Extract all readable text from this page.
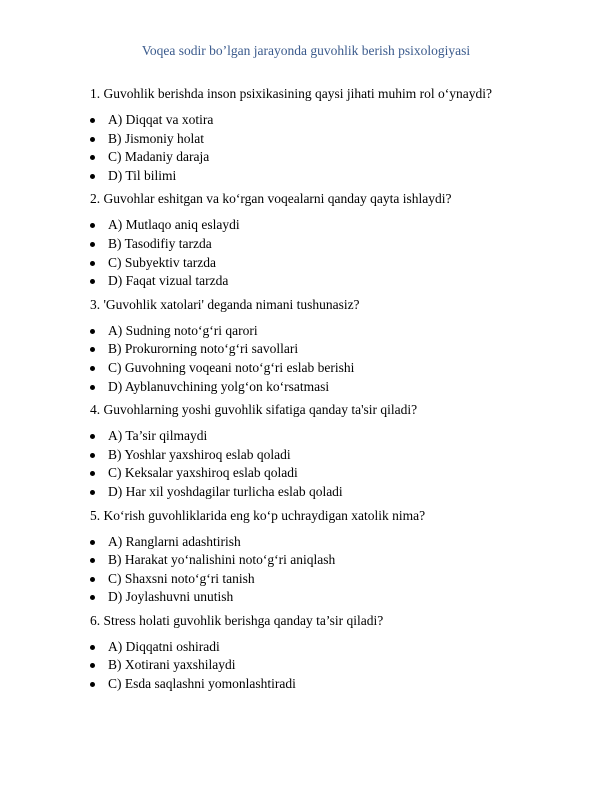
Voqea sodir bo’lgan jarayonda guvohlik berish psixologiyasi
1. Guvohlik berishda inson psixikasining qaysi jihati muhim rol o‘ynaydi?
A) Diqqat va xotira
B) Jismoniy holat
C) Madaniy daraja
D) Til bilimi
2. Guvohlar eshitgan va ko‘rgan voqealarni qanday qayta ishlaydi?
A) Mutlaqo aniq eslaydi
B) Tasodifiy tarzda
C) Subyektiv tarzda
D) Faqat vizual tarzda
3. 'Guvohlik xatolari' deganda nimani tushunasiz?
A) Sudning noto‘g‘ri qarori
B) Prokurorning noto‘g‘ri savollari
C) Guvohning voqeani noto‘g‘ri eslab berishi
D) Ayblanuvchining yolg‘on ko‘rsatmasi
4. Guvohlarning yoshi guvohlik sifatiga qanday ta'sir qiladi?
A) Ta’sir qilmaydi
B) Yoshlar yaxshiroq eslab qoladi
C) Keksalar yaxshiroq eslab qoladi
D) Har xil yoshdagilar turlicha eslab qoladi
5. Ko‘rish guvohliklarida eng ko‘p uchraydigan xatolik nima?
A) Ranglarni adashtirish
B) Harakat yo‘nalishini noto‘g‘ri aniqlash
C) Shaxsni noto‘g‘ri tanish
D) Joylashuvni unutish
6. Stress holati guvohlik berishga qanday ta’sir qiladi?
A) Diqqatni oshiradi
B) Xotirani yaxshilaydi
C) Esda saqlashni yomonlashtiradi
